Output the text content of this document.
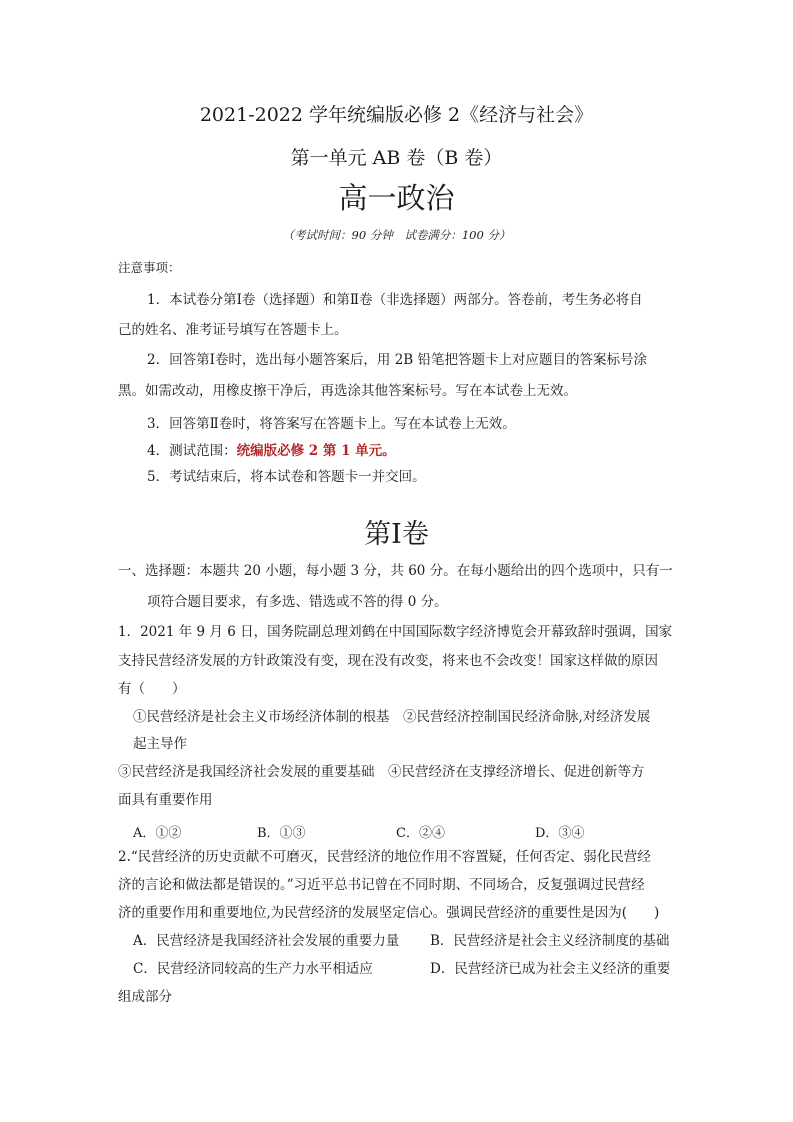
2021-2022 学年统编版必修 2《经济与社会》
第一单元 AB 卷（B 卷）
高一政治
（考试时间：90 分钟　试卷满分：100 分）
注意事项：
1．本试卷分第Ⅰ卷（选择题）和第Ⅱ卷（非选择题）两部分。答卷前，考生务必将自
己的姓名、准考证号填写在答题卡上。
2．回答第Ⅰ卷时，选出每小题答案后，用 2B 铅笔把答题卡上对应题目的答案标号涂
黑。如需改动，用橡皮擦干净后，再选涂其他答案标号。写在本试卷上无效。
3．回答第Ⅱ卷时，将答案写在答题卡上。写在本试卷上无效。
4．测试范围：统编版必修 2 第 1 单元。
5．考试结束后，将本试卷和答题卡一并交回。
第Ⅰ卷
一、选择题：本题共 20 小题，每小题 3 分，共 60 分。在每小题给出的四个选项中，只有一
项符合题目要求，有多选、错选或不答的得 0 分。
1．2021 年 9 月 6 日，国务院副总理刘鹤在中国国际数字经济博览会开幕致辞时强调，国家
支持民营经济发展的方针政策没有变，现在没有改变，将来也不会改变！国家这样做的原因
有（　　）
①民营经济是社会主义市场经济体制的根基　②民营经济控制国民经济命脉,对经济发展
起主导作
③民营经济是我国经济社会发展的重要基础　④民营经济在支撑经济增长、促进创新等方
面具有重要作用
A．①②	B．①③	C．②④	D．③④
2.“民营经济的历史贡献不可磨灭，民营经济的地位作用不容置疑，任何否定、弱化民营经
济的言论和做法都是错误的。”习近平总书记曾在不同时期、不同场合，反复强调过民营经
济的重要作用和重要地位,为民营经济的发展坚定信心。强调民营经济的重要性是因为(　　)
A．民营经济是我国经济社会发展的重要力量 B．民营经济是社会主义经济制度的基础
C．民营经济同较高的生产力水平相适应	D．民营经济已成为社会主义经济的重要
组成部分
